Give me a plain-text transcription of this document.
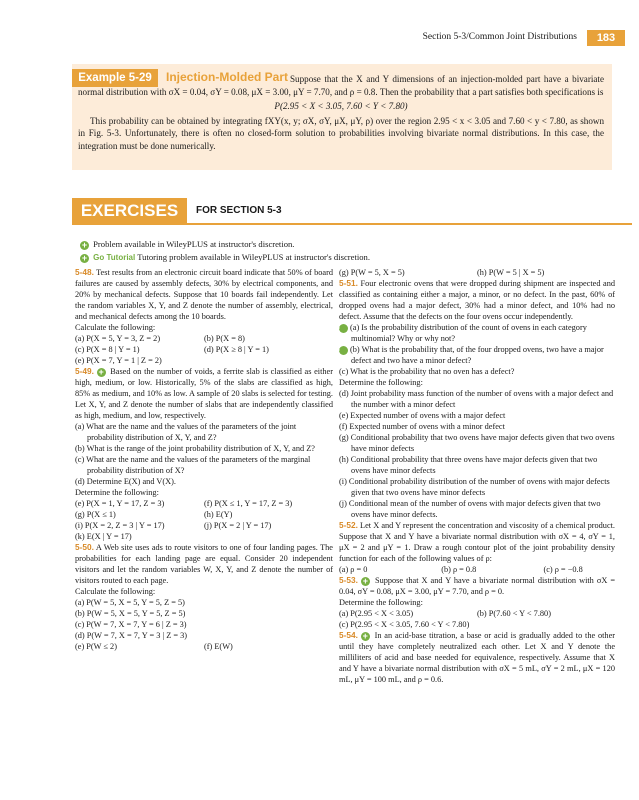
Section 5-3/Common Joint Distributions	183

Suppose that the X and Y dimensions of an injection-molded part have a bivariate normal distribution with σX = 0.04, σY = 0.08, μX = 3.00, μY = 7.70, and ρ = 0.8. Then the probability that a part satisfies both specifications is

P(2.95 < X < 3.05, 7.60 < Y < 7.80)

This probability can be obtained by integrating fXY(x, y; σX, σY, μX, μY, ρ) over the region 2.95 < x < 3.05 and 7.60 < y < 7.80, as shown in Fig. 5-3. Unfortunately, there is often no closed-form solution to probabilities involving bivariate normal distributions. In this case, the integration must be done numerically.

Example 5-29	Injection-Molded Part
EXERCISES	FOR SECTION 5-3
+ Problem available in WileyPLUS at instructor's discretion.
+ Go Tutorial Tutoring problem available in WileyPLUS at instructor's discretion.

5-48. Test results from an electronic circuit board indicate that 50% of board failures are caused by assembly defects, 30% by electrical components, and 20% by mechanical defects. Suppose that 10 boards fail independently. Let the random variables X, Y, and Z denote the number of assembly, electrical, and mechanical defects among the 10 boards.

Calculate the following:

(a) P(X = 5, Y = 3, Z = 2)	(b) P(X = 8)

(c) P(X = 8 | Y = 1)	(d) P(X ≥ 8 | Y = 1)

(e) P(X = 7, Y = 1 | Z = 2)

5-49. + Based on the number of voids, a ferrite slab is classified as either high, medium, or low. Historically, 5% of the slabs are classified as high, 85% as medium, and 10% as low. A sample of 20 slabs is selected for testing. Let X, Y, and Z denote the number of slabs that are independently classified as high, medium, and low, respectively.

(a) What are the name and the values of the parameters of the joint probability distribution of X, Y, and Z?

(b) What is the range of the joint probability distribution of X, Y, and Z?

(c) What are the name and the values of the parameters of the marginal probability distribution of X?

(d) Determine E(X) and V(X).

Determine the following:

(e) P(X = 1, Y = 17, Z = 3)	(f) P(X ≤ 1, Y = 17, Z = 3)

(g) P(X ≤ 1)	(h) E(Y)

(i) P(X = 2, Z = 3 | Y = 17)	(j) P(X = 2 | Y = 17)

(k) E(X | Y = 17)

5-50. A Web site uses ads to route visitors to one of four landing pages. The probabilities for each landing page are equal. Consider 20 independent visitors and let the random variables W, X, Y, and Z denote the number of visitors routed to each page.

Calculate the following:

(a) P(W = 5, X = 5, Y = 5, Z = 5)

(b) P(W = 5, X = 5, Y = 5, Z = 5)

(c) P(W = 7, X = 7, Y = 6 | Z = 3)

(d) P(W = 7, X = 7, Y = 3 | Z = 3)

(e) P(W ≤ 2)	(f) E(W)

(g) P(W = 5, X = 5)	(h) P(W = 5 | X = 5)

5-51. Four electronic ovens that were dropped during shipment are inspected and classified as containing either a major, a minor, or no defect. In the past, 60% of dropped ovens had a major defect, 30% had a minor defect, and 10% had no defect. Assume that the defects on the four ovens occur independently.

+ (a) Is the probability distribution of the count of ovens in each category multinomial? Why or why not?

+ (b) What is the probability that, of the four dropped ovens, two have a major defect and two have a minor defect?

(c) What is the probability that no oven has a defect?

Determine the following:

(d) Joint probability mass function of the number of ovens with a major defect and the number with a minor defect

(e) Expected number of ovens with a major defect

(f) Expected number of ovens with a minor defect

(g) Conditional probability that two ovens have major defects given that two ovens have minor defects

(h) Conditional probability that three ovens have major defects given that two ovens have minor defects

(i) Conditional probability distribution of the number of ovens with major defects given that two ovens have minor defects

(j) Conditional mean of the number of ovens with major defects given that two ovens have minor defects.

5-52. Let X and Y represent the concentration and viscosity of a chemical product. Suppose that X and Y have a bivariate normal distribution with σX = 4, σY = 1, μX = 2 and μY = 1. Draw a rough contour plot of the joint probability density function for each of the following values of ρ:

(a) ρ = 0	(b) ρ = 0.8	(c) ρ = −0.8

5-53. + Suppose that X and Y have a bivariate normal distribution with σX = 0.04, σY = 0.08, μX = 3.00, μY = 7.70, and ρ = 0.

Determine the following:

(a) P(2.95 < X < 3.05)	(b) P(7.60 < Y < 7.80)

(c) P(2.95 < X < 3.05, 7.60 < Y < 7.80)

5-54. + In an acid-base titration, a base or acid is gradually added to the other until they have completely neutralized each other. Let X and Y denote the milliliters of acid and base needed for equivalence, respectively. Assume that X and Y have a bivariate normal distribution with σX = 5 mL, σY = 2 mL, μX = 120 mL, μY = 100 mL, and ρ = 0.6.
